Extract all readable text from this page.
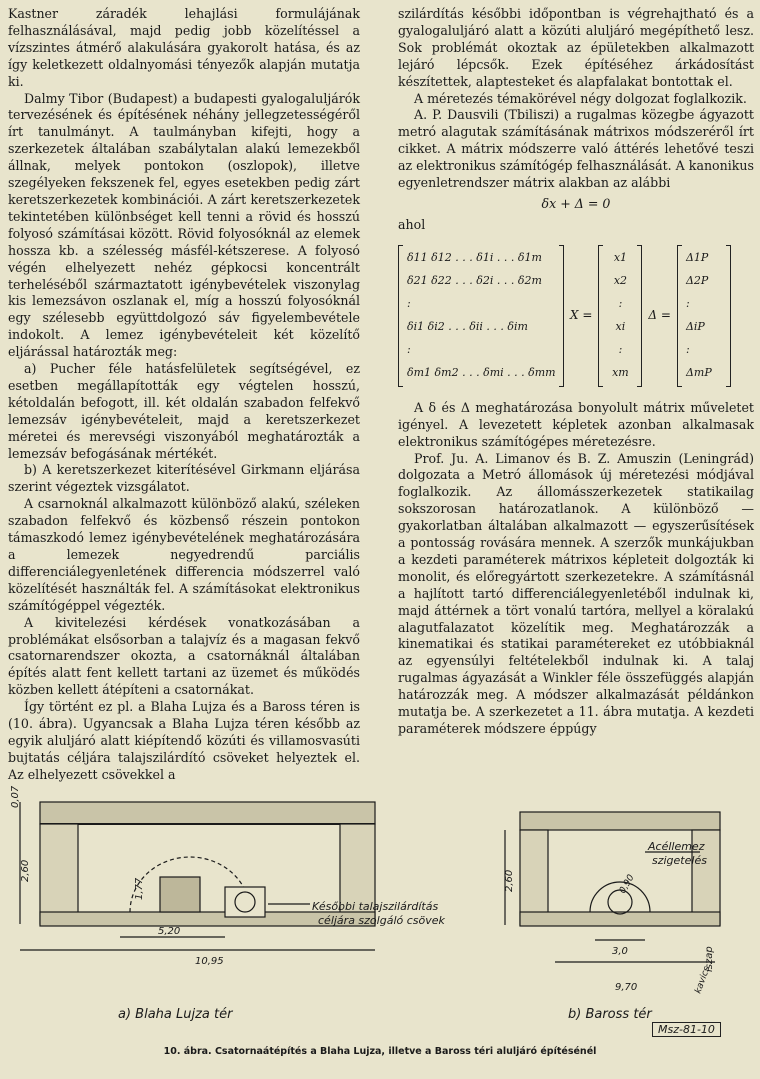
Kastner záradék lehajlási formulájának felhasználásával, majd pedig jobb közelítéssel a vízszintes átmérő alakulására gyakorolt hatása, és az így keletkezett oldalnyomási tényezők alapján mutatja ki.

Dalmy Tibor (Budapest) a budapesti gyalogaluljárók tervezésének és építésének néhány jellegzetességéről írt tanulmányt. A taulmányban kifejti, hogy a szerkezetek általában szabálytalan alakú lemezekből állnak, melyek pontokon (oszlopok), illetve szegélyeken fekszenek fel, egyes esetekben pedig zárt keretszerkezetek kombinációi. A zárt keretszerkezetek tekintetében különbséget kell tenni a rövid és hosszú folyosó számításai között. Rövid folyosóknál az elemek hossza kb. a szélesség másfél-kétszerese. A folyosó végén elhelyezett nehéz gépkocsi koncentrált terheléséből származtatott igénybevételek viszonylag kis lemezsávon oszlanak el, míg a hosszú folyosóknál egy szélesebb együttdolgozó sáv figyelembevétele indokolt. A lemez igénybevételeit két közelítő eljárással határozták meg:

a) Pucher féle hatásfelületek segítségével, ez esetben megállapították egy végtelen hosszú, kétoldalán befogott, ill. két oldalán szabadon felfekvő lemezsáv igénybevételeit, majd a keretszerkezet méretei és merevségi viszonyából meghatározták a lemezsáv befogásának mértékét.

b) A keretszerkezet kiterítésével Girkmann eljárása szerint végeztek vizsgálatot.

A csarnoknál alkalmazott különböző alakú, széleken szabadon felfekvő és közbenső részein pontokon támaszkodó lemez igénybevételének meghatározására a lemezek negyedrendű parciális differenciálegyenletének differencia módszerrel való közelítését használták fel. A számításokat elektronikus számítógéppel végezték.

A kivitelezési kérdések vonatkozásában a problémákat elsősorban a talajvíz és a magasan fekvő csatornarendszer okozta, a csatornáknál általában építés alatt fent kellett tartani az üzemet és működés közben kellett átépíteni a csatornákat.

Így történt ez pl. a Blaha Lujza és a Baross téren is (10. ábra). Ugyancsak a Blaha Lujza téren később az egyik aluljáró alatt kiépítendő közúti és villamosvasúti bujtatás céljára talajszilárdító csöveket helyeztek el. Az elhelyezett csövekkel a

szilárdítás későbbi időpontban is végrehajtható és a gyalogaluljáró alatt a közúti aluljáró megépíthető lesz. Sok problémát okoztak az épületekben alkalmazott lejáró lépcsők. Ezek építéséhez árkádosítást készítettek, alaptesteket és alapfalakat bontottak el.

A méretezés témakörével négy dolgozat foglalkozik.

A. P. Dausvili (Tbiliszi) a rugalmas közegbe ágyazott metró alagutak számításának mátrixos módszeréről írt cikket. A mátrix módszerre való áttérés lehetővé teszi az elektronikus számítógép felhasználását. A kanonikus egyenletrendszer mátrix alakban az alábbi

δx + Δ = 0

ahol

δ11 δ12 . . . δ1i . . . δ1m
δ21 δ22 . . . δ2i . . . δ2m
:
δi1 δi2 . . . δii . . . δim
:
δm1 δm2 . . . δmi . . . δmm
X =
x1
x2
:
xi
:
xm
Δ =
Δ1P
Δ2P
:
ΔiP
:
ΔmP

A δ és Δ meghatározása bonyolult mátrix műveletet igényel. A levezetett képletek azonban alkalmasak elektronikus számítógépes méretezésre.

Prof. Ju. A. Limanov és B. Z. Amuszin (Leningrád) dolgozata a Metró állomások új méretezési módjával foglalkozik. Az állomásszerkezetek statikailag sokszorosan határozatlanok. A különböző — gyakorlatban általában alkalmazott — egyszerűsítések a pontosság rovására mennek. A szerzők munkájukban a kezdeti paraméterek mátrixos képleteit dolgozták ki monolit, és előregyártott szerkezetekre. A számításnál a hajlított tartó differenciálegyenletéből indulnak ki, majd áttérnek a tört vonalú tartóra, mellyel a köralakú alagutfalazatot közelítik meg. Meghatározzák a kinematikai és statikai paramétereket ez utóbbiaknál az egyensúlyi feltételekből indulnak ki. A talaj rugalmas ágyazását a Winkler féle összefüggés alapján határozzák meg. A módszer alkalmazását példánkon mutatja be. A szerkezetet a 11. ábra mutatja. A kezdeti paraméterek módszere éppúgy

0,07
2,60
1,77
5,20
10,95
Későbbi talajszilárdítás
céljára szolgáló csövek
2,60	0,90
3,0
9,70
Acéllemez
szigetelés
iszap
kavics
a) Blaha Lujza tér	b) Baross tér
Msz-81-10
10. ábra. Csatornaátépítés a Blaha Lujza, illetve a Baross téri aluljáró építésénél
